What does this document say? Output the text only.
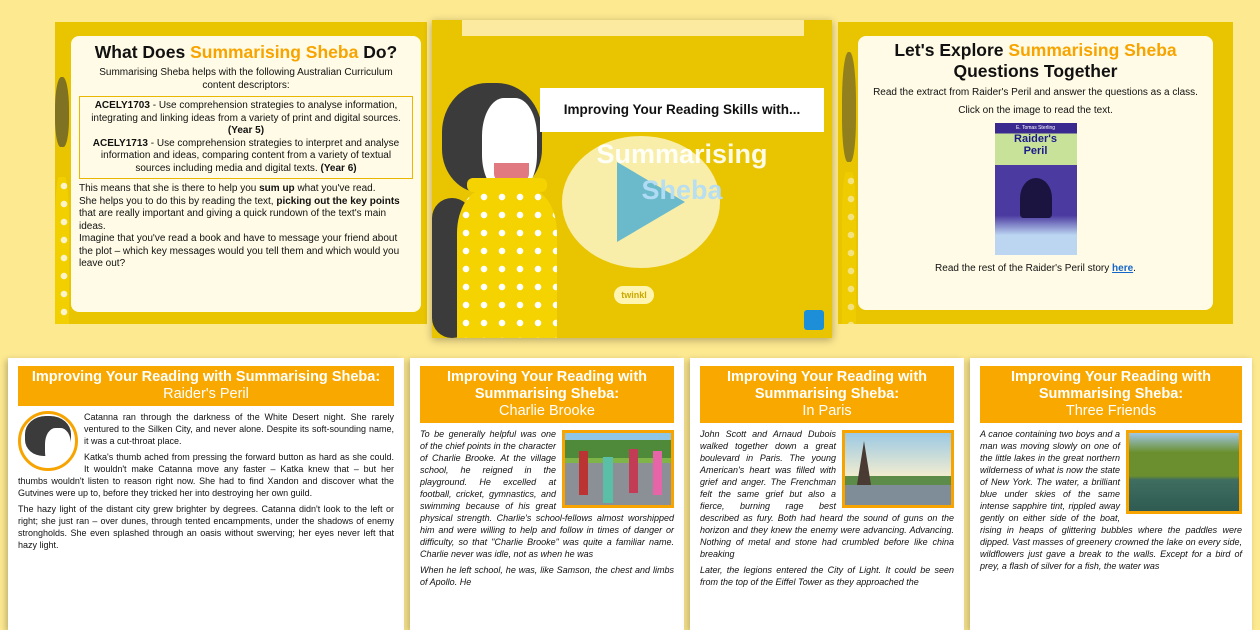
What Does Summarising Sheba Do?
Summarising Sheba helps with the following Australian Curriculum content descriptors:
ACELY1703 - Use comprehension strategies to analyse information, integrating and linking ideas from a variety of print and digital sources. (Year 5)
ACELY1713 - Use comprehension strategies to interpret and analyse information and ideas, comparing content from a variety of textual sources including media and digital texts. (Year 6)
This means that she is there to help you sum up what you've read.
She helps you to do this by reading the text, picking out the key points that are really important and giving a quick rundown of the text's main ideas.
Imagine that you've read a book and have to message your friend about the plot – which key messages would you tell them and which would you leave out?
Improving Your Reading Skills with...
Summarising
Sheba
twinkl
Let's Explore Summarising Sheba
Questions Together
Read the extract from Raider's Peril and answer the questions as a class.
Click on the image to read the text.
E. Tomas Sterling
Raider's
Peril
Read the rest of the Raider's Peril story here.
Improving Your Reading with Summarising Sheba:
Raider's Peril

Catanna ran through the darkness of the White Desert night. She rarely ventured to the Silken City, and never alone. Despite its soft-sounding name, it was a cut-throat place.

Katka's thumb ached from pressing the forward button as hard as she could. It wouldn't make Catanna move any faster – Katka knew that – but her thumbs wouldn't listen to reason right now. She had to find Xandon and discover what the Gutvines were up to, before they tricked her into destroying her own guild.

The hazy light of the distant city grew brighter by degrees. Catanna didn't look to the left or right; she just ran – over dunes, through tented encampments, under the shadows of enemy strongholds. She even splashed through an oasis without swerving; her eyes never left that hazy light.

Improving Your Reading with Summarising Sheba:
Charlie Brooke

To be generally helpful was one of the chief points in the character of Charlie Brooke. At the village school, he reigned in the playground. He excelled at football, cricket, gymnastics, and swimming because of his great physical strength. Charlie's school-fellows almost worshipped him and were willing to help and follow in times of danger or difficulty, so that "Charlie Brooke" was quite a familiar name. Charlie never was idle, not as when he was

When he left school, he was, like Samson, the chest and limbs of Apollo. He

Improving Your Reading with Summarising Sheba:
In Paris

John Scott and Arnaud Dubois walked together down a great boulevard in Paris. The young American's heart was filled with grief and anger. The Frenchman felt the same grief but also a fierce, burning rage best described as fury. Both had heard the sound of guns on the horizon and they knew the enemy were advancing. Advancing. Nothing of metal and stone had crumbled before like china breaking

Later, the legions entered the City of Light. It could be seen from the top of the Eiffel Tower as they approached the

Improving Your Reading with Summarising Sheba:
Three Friends

A canoe containing two boys and a man was moving slowly on one of the little lakes in the great northern wilderness of what is now the state of New York. The water, a brilliant blue under skies of the same intense sapphire tint, rippled away gently on either side of the boat, rising in heaps of glittering bubbles where the paddles were dipped. Vast masses of greenery crowned the lake on every side, wildflowers just gave a break to the walls. Except for a bird of prey, a flash of silver for a fish, the water was
